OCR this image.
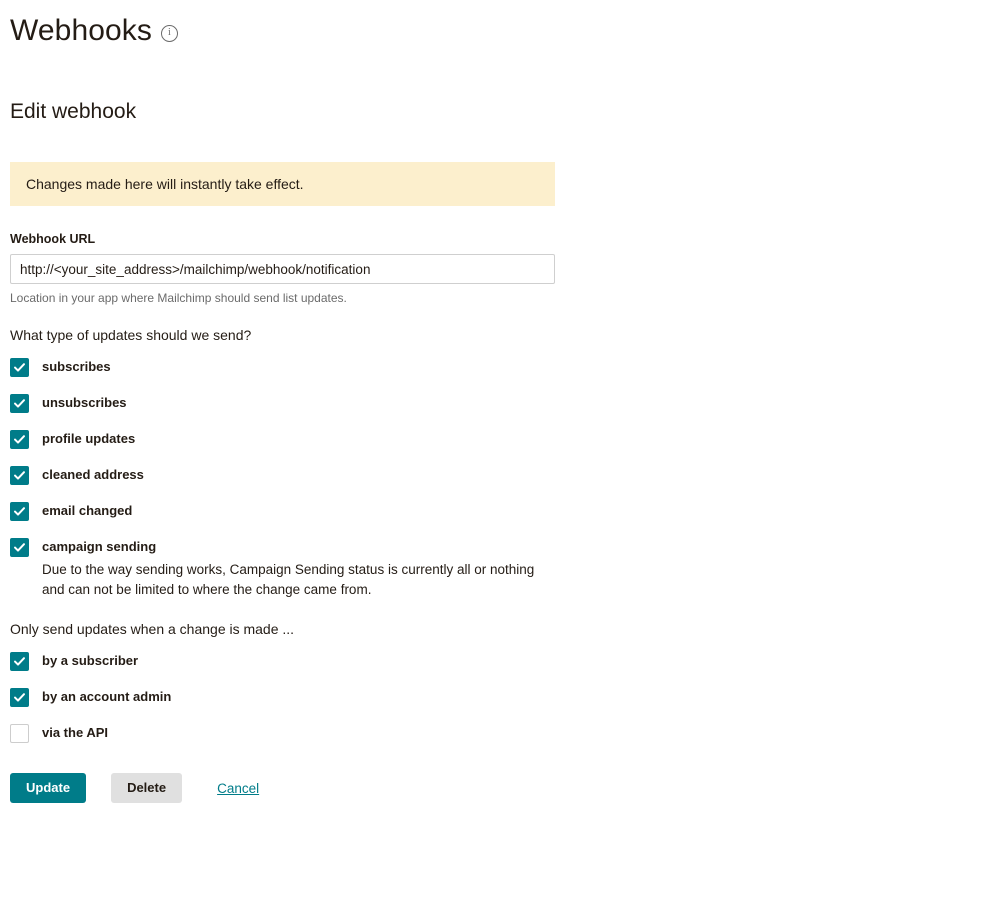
Webhooks	i
Edit webhook
Changes made here will instantly take effect.
Webhook URL
http://<your_site_address>/mailchimp/webhook/notification
Location in your app where Mailchimp should send list updates.
What type of updates should we send?
subscribes
unsubscribes
profile updates
cleaned address
email changed
campaign sending
Due to the way sending works, Campaign Sending status is currently all or nothing and can not be limited to where the change came from.
Only send updates when a change is made ...
by a subscriber
by an account admin
via the API
Update	Delete	Cancel
